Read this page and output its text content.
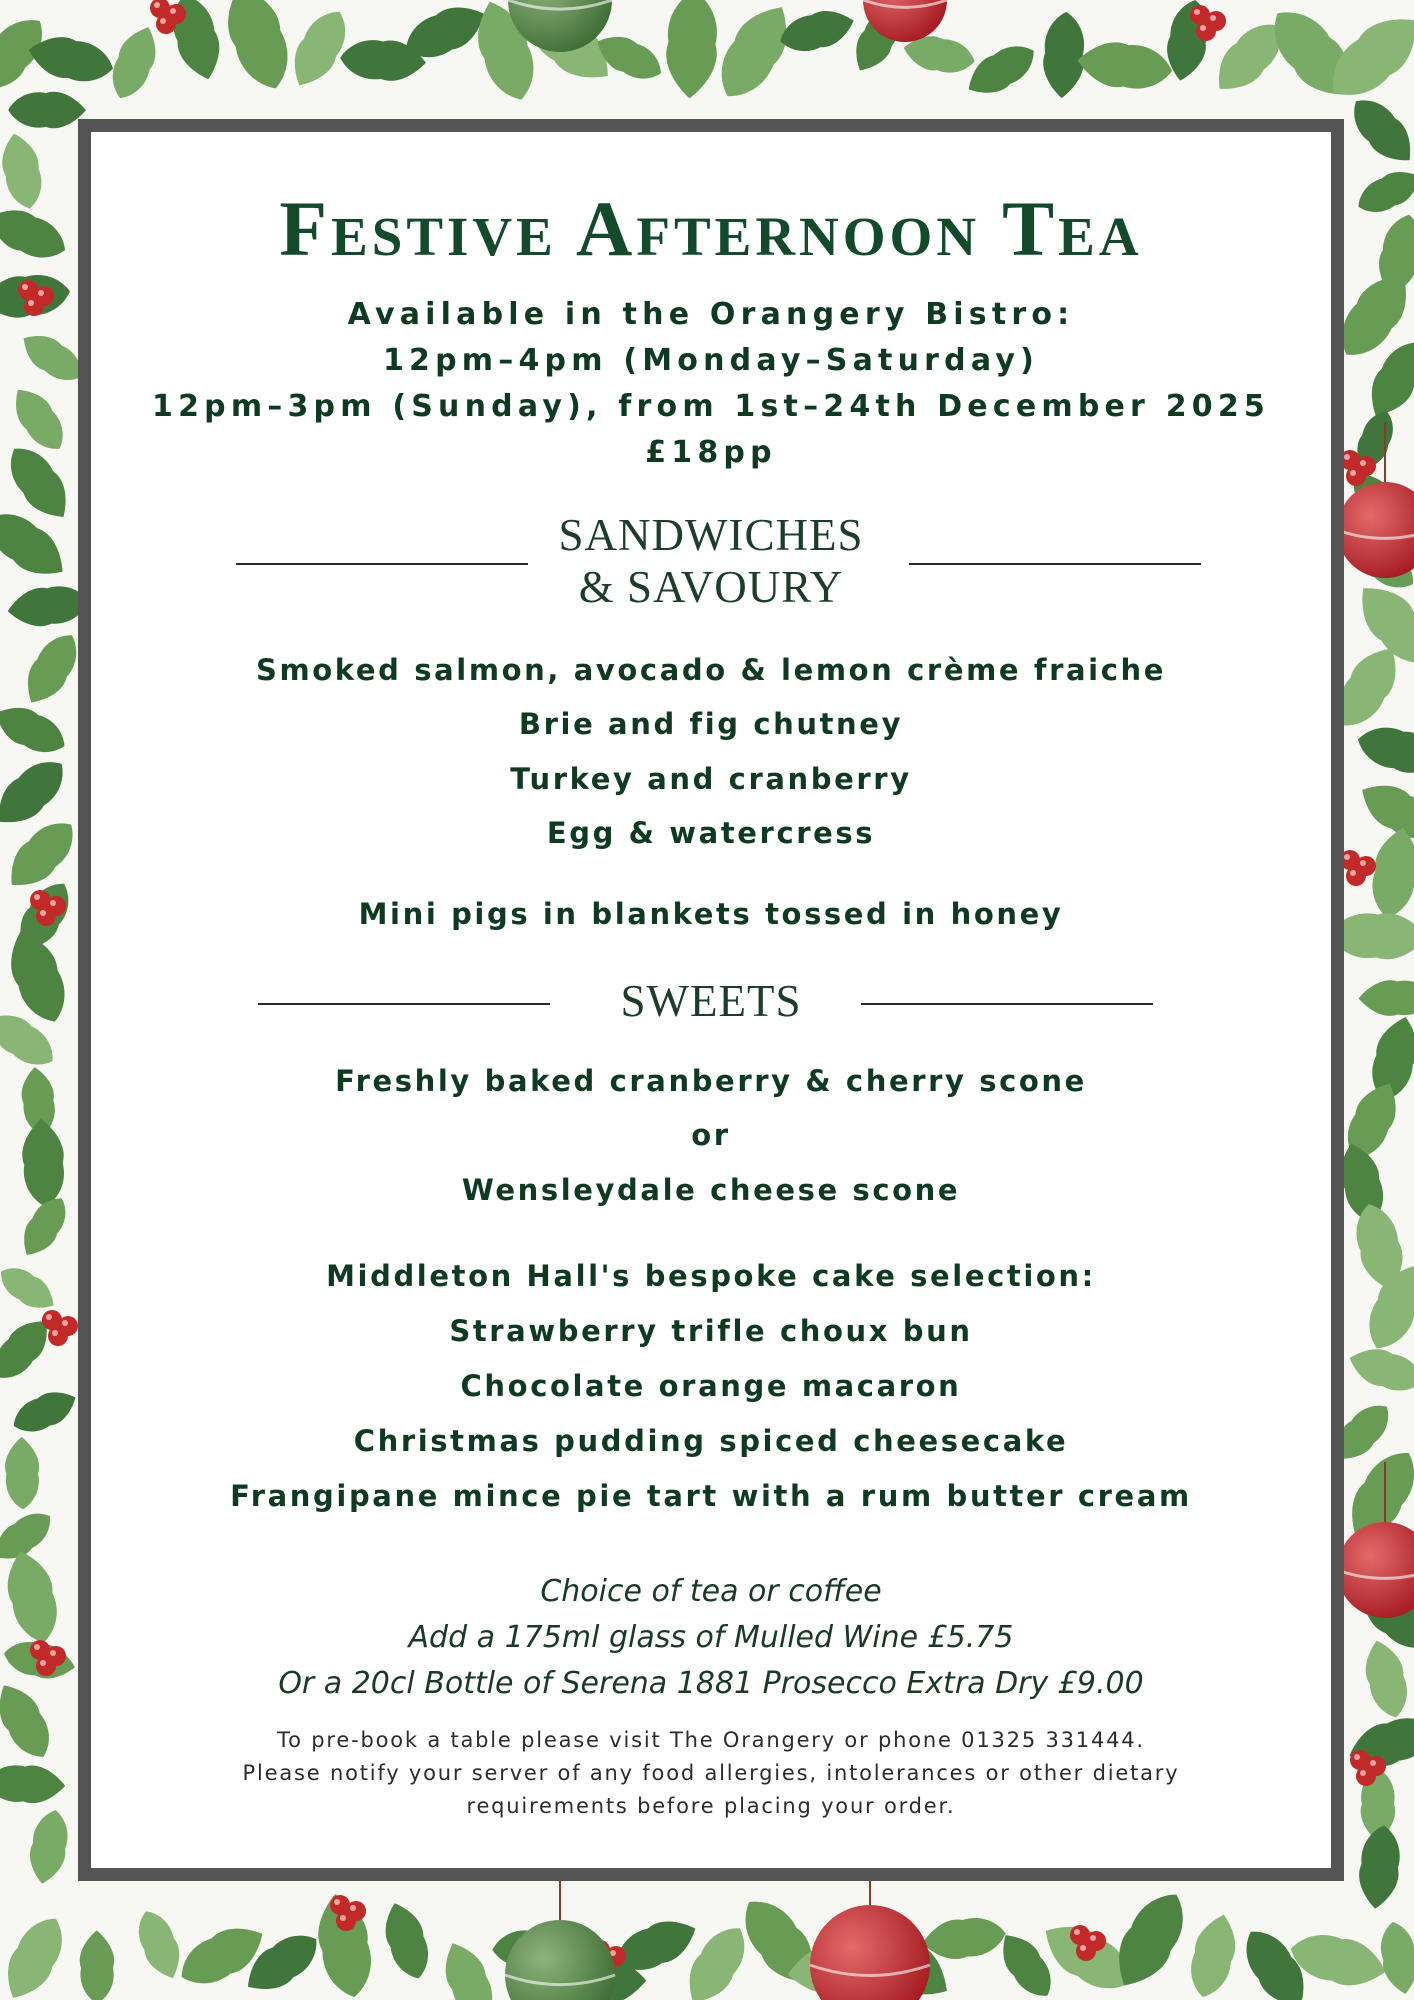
Festive Afternoon Tea

Available in the Orangery Bistro:

12pm–4pm (Monday–Saturday)

12pm–3pm (Sunday), from 1st–24th December 2025

£18pp

SANDWICHES

& SAVOURY

Smoked salmon, avocado & lemon crème fraiche

Brie and fig chutney

Turkey and cranberry

Egg & watercress

Mini pigs in blankets tossed in honey

SWEETS

Freshly baked cranberry & cherry scone

or

Wensleydale cheese scone

Middleton Hall's bespoke cake selection:

Strawberry trifle choux bun

Chocolate orange macaron

Christmas pudding spiced cheesecake

Frangipane mince pie tart with a rum butter cream

Choice of tea or coffee

Add a 175ml glass of Mulled Wine £5.75

Or a 20cl Bottle of Serena 1881 Prosecco Extra Dry £9.00

To pre-book a table please visit The Orangery or phone 01325 331444.

Please notify your server of any food allergies, intolerances or other dietary

requirements before placing your order.
